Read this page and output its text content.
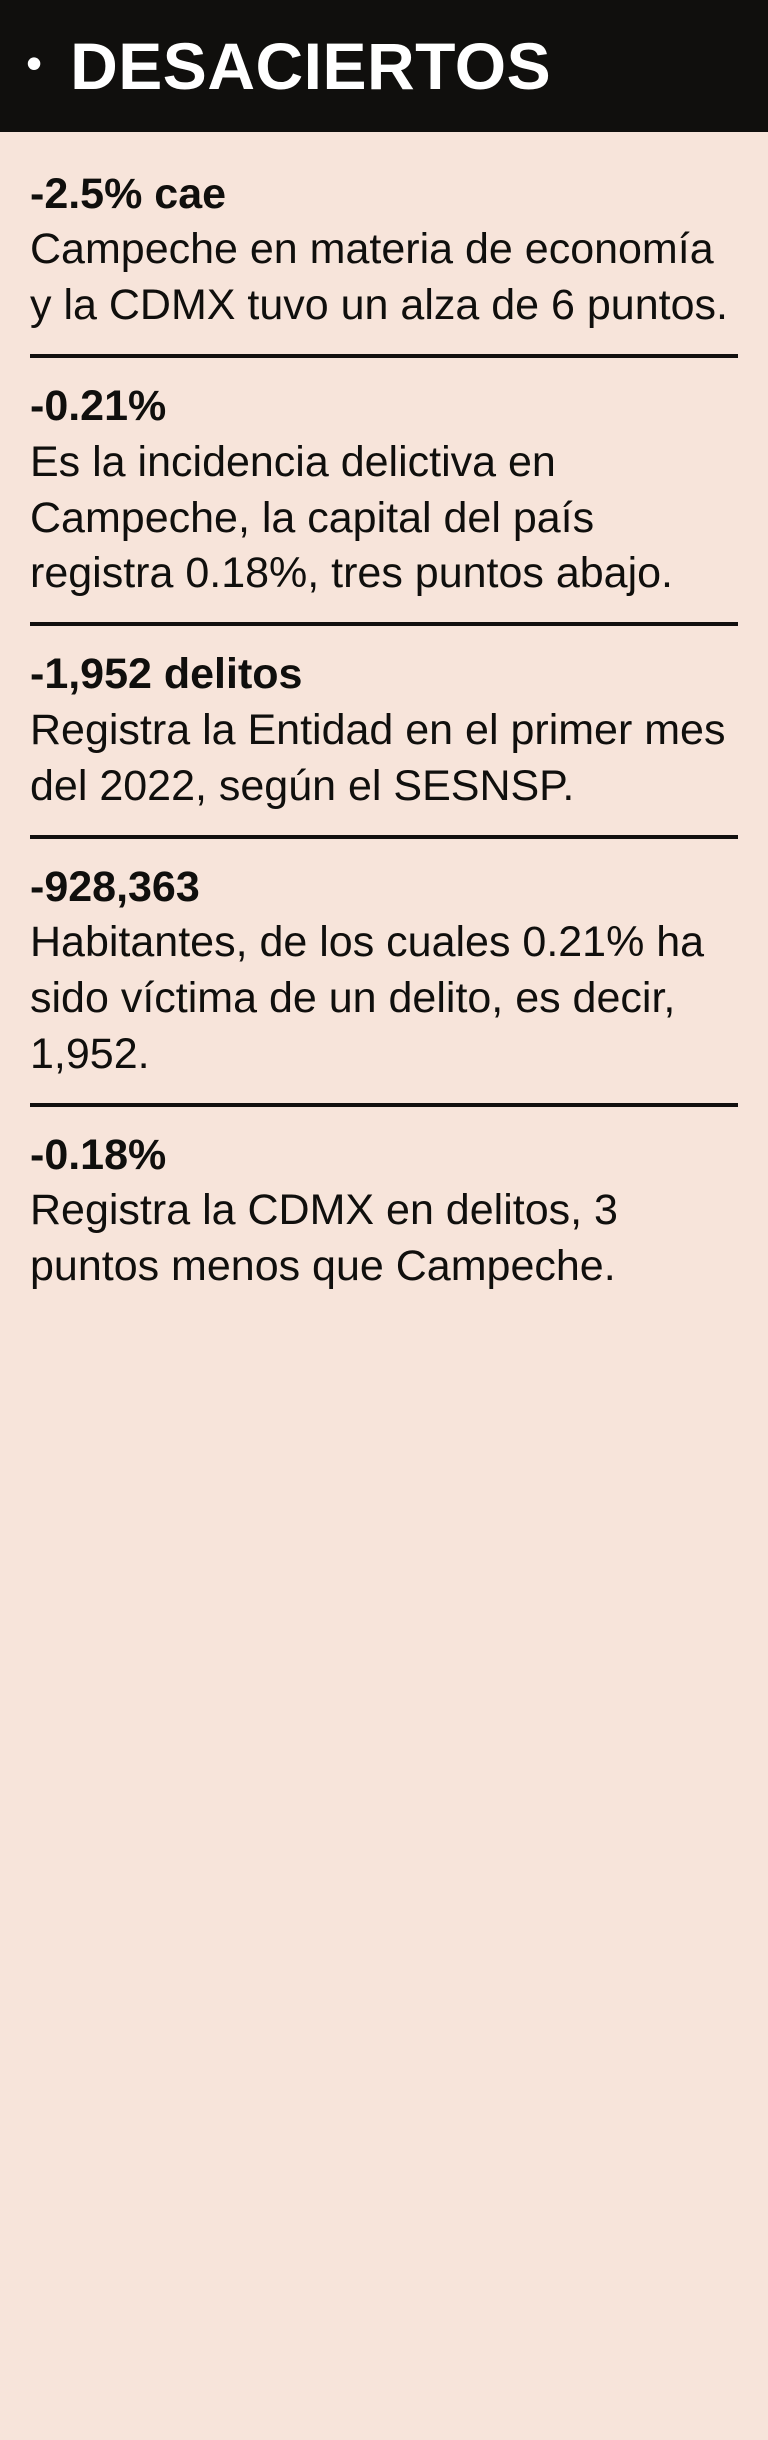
• DESACIERTOS
-2.5% cae
Campeche en materia de economía y la CDMX tuvo un alza de 6 puntos.
-0.21%
Es la incidencia delictiva en Campeche, la capital del país registra 0.18%, tres puntos abajo.
-1,952 delitos
Registra la Entidad en el primer mes del 2022, según el SESNSP.
-928,363
Habitantes, de los cuales 0.21% ha sido víctima de un delito, es decir, 1,952.
-0.18%
Registra la CDMX en delitos, 3 puntos menos que Campeche.
